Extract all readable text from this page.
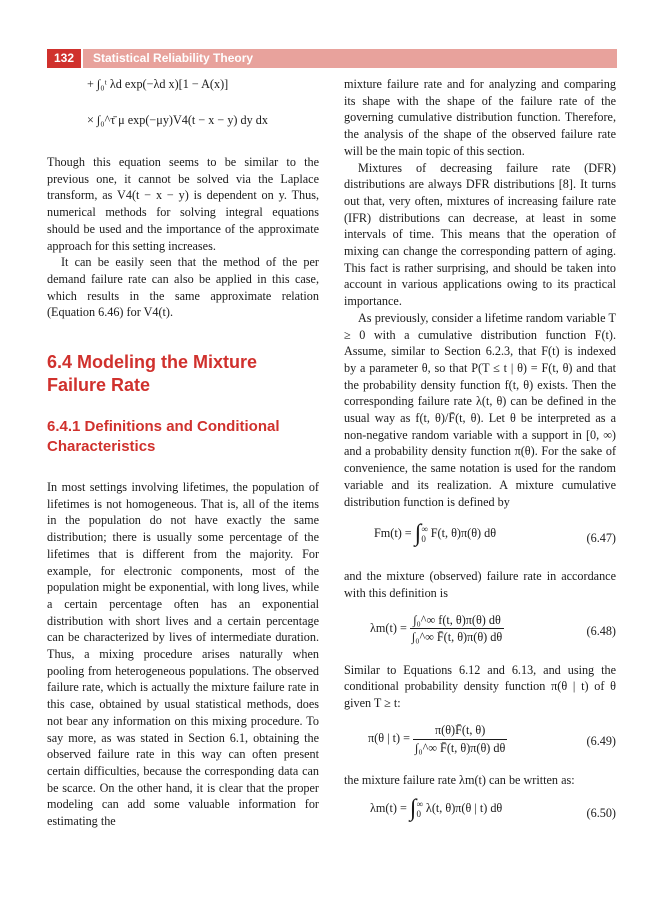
132	Statistical Reliability Theory
+ ∫₀ᵗ λd exp(−λd x)[1 − A(x)]
× ∫₀^τ̄ μ exp(−μy)V4(t − x − y) dy dx

Though this equation seems to be similar to the previous one, it cannot be solved via the Laplace transform, as V4(t − x − y) is dependent on y. Thus, numerical methods for solving integral equations should be used and the importance of the approximate approach for this setting increases.

It can be easily seen that the method of the per demand failure rate can also be applied in this case, which results in the same approximate relation (Equation 6.46) for V4(t).

6.4 Modeling the Mixture Failure Rate
6.4.1 Definitions and Conditional Characteristics

In most settings involving lifetimes, the population of lifetimes is not homogeneous. That is, all of the items in the population do not have exactly the same distribution; there is usually some percentage of the lifetimes that is different from the majority. For example, for electronic components, most of the population might be exponential, with long lives, while a certain percentage often has an exponential distribution with short lives and a certain percentage can be characterized by lives of intermediate duration. Thus, a mixing procedure arises naturally when pooling from heterogeneous populations. The observed failure rate, which is actually the mixture failure rate in this case, obtained by usual statistical methods, does not bear any information on this mixing procedure. To say more, as was stated in Section 6.1, obtaining the observed failure rate in this way can often present certain difficulties, because the corresponding data can be scarce. On the other hand, it is clear that the proper modeling can add some valuable information for estimating the

mixture failure rate and for analyzing and comparing its shape with the shape of the failure rate of the governing cumulative distribution function. Therefore, the analysis of the shape of the observed failure rate will be the main topic of this section.

Mixtures of decreasing failure rate (DFR) distributions are always DFR distributions [8]. It turns out that, very often, mixtures of increasing failure rate (IFR) distributions can decrease, at least in some intervals of time. This means that the operation of mixing can change the corresponding pattern of aging. This fact is rather surprising, and should be taken into account in various applications owing to its practical importance.

As previously, consider a lifetime random variable T ≥ 0 with a cumulative distribution function F(t). Assume, similar to Section 6.2.3, that F(t) is indexed by a parameter θ, so that P(T ≤ t | θ) = F(t, θ) and that the probability density function f(t, θ) exists. Then the corresponding failure rate λ(t, θ) can be defined in the usual way as f(t, θ)/F̄(t, θ). Let θ be interpreted as a non-negative random variable with a support in [0, ∞) and a probability density function π(θ). For the sake of convenience, the same notation is used for the random variable and its realization. A mixture cumulative distribution function is defined by

Fm(t) = ∫∞
0 F(t, θ)π(θ) dθ	(6.47)

and the mixture (observed) failure rate in accordance with this definition is

$\lambda m(t) = \frac{\text{∫₀\textasciicircum{}∞ f(t, θ)π(θ) dθ}}{\text{∫₀\textasciicircum{}∞ F̄(t, θ)π(θ) dθ}}$	(6.48)

Similar to Equations 6.12 and 6.13, and using the conditional probability density function π(θ | t) of θ given T ≥ t:

π(θ | $t) = \frac{\pi(\theta)F̄(t, \theta)}{\text{∫₀\textasciicircum{}∞ F̄(t, θ)π(θ) dθ}}$	(6.49)

the mixture failure rate λm(t) can be written as:

λm(t) = ∫∞
0 λ(t, θ)π(θ | t) dθ	(6.50)
